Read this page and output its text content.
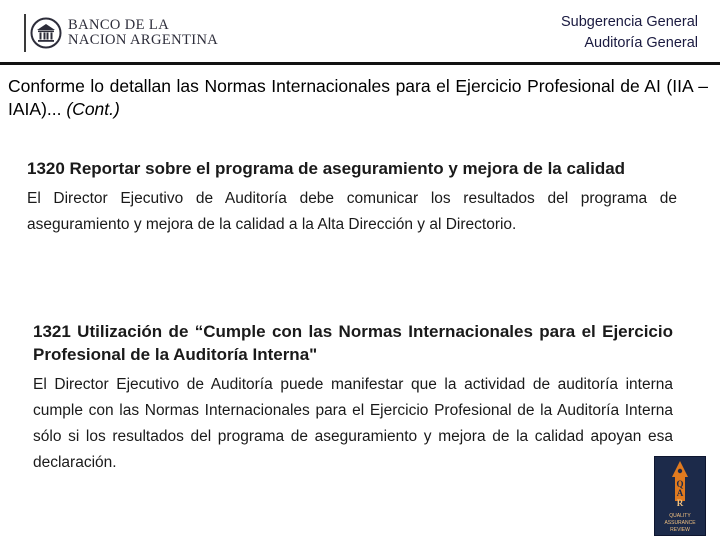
BANCO DE LA
NACION ARGENTINA
Subgerencia General
Auditoría General
Conforme lo detallan las Normas Internacionales para el Ejercicio Profesional de AI (IIA – IAIA)... (Cont.)

1320 Reportar sobre el programa de aseguramiento y mejora de la calidad

El Director Ejecutivo de Auditoría debe comunicar los resultados del programa de aseguramiento y mejora de la calidad a la Alta Dirección y al Directorio.

1321 Utilización de “Cumple con las Normas Internacionales para el Ejercicio Profesional de la Auditoría Interna"

El Director Ejecutivo de Auditoría puede manifestar que la actividad de auditoría interna cumple con las Normas Internacionales para el Ejercicio Profesional de la Auditoría Interna sólo si los resultados del programa de aseguramiento y mejora de la calidad apoyan esa declaración.

Q
A
R
QUALITY
ASSURANCE
REVIEW
